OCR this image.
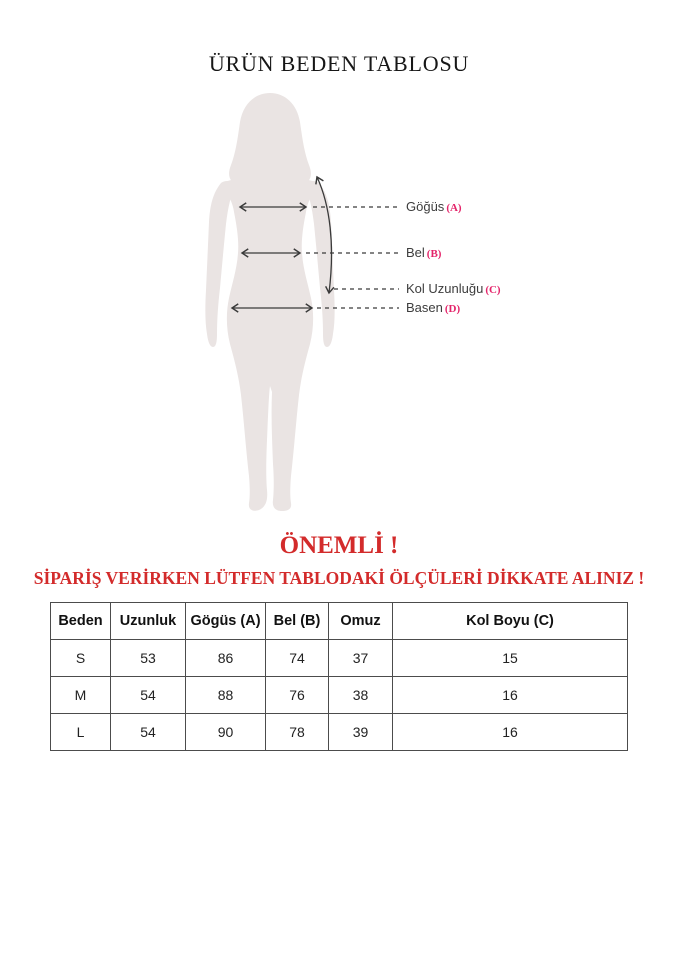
ÜRÜN BEDEN TABLOSU
Göğüs (A)
Bel (B)
Kol Uzunluğu (C)
Basen (D)
ÖNEMLİ !
SİPARİŞ VERİRKEN LÜTFEN TABLODAKİ ÖLÇÜLERİ DİKKATE ALINIZ !
Beden	Uzunluk	Gögüs (A)	Bel (B)	Omuz	Kol Boyu (C)
S	53	86	74	37	15
M	54	88	76	38	16
L	54	90	78	39	16
